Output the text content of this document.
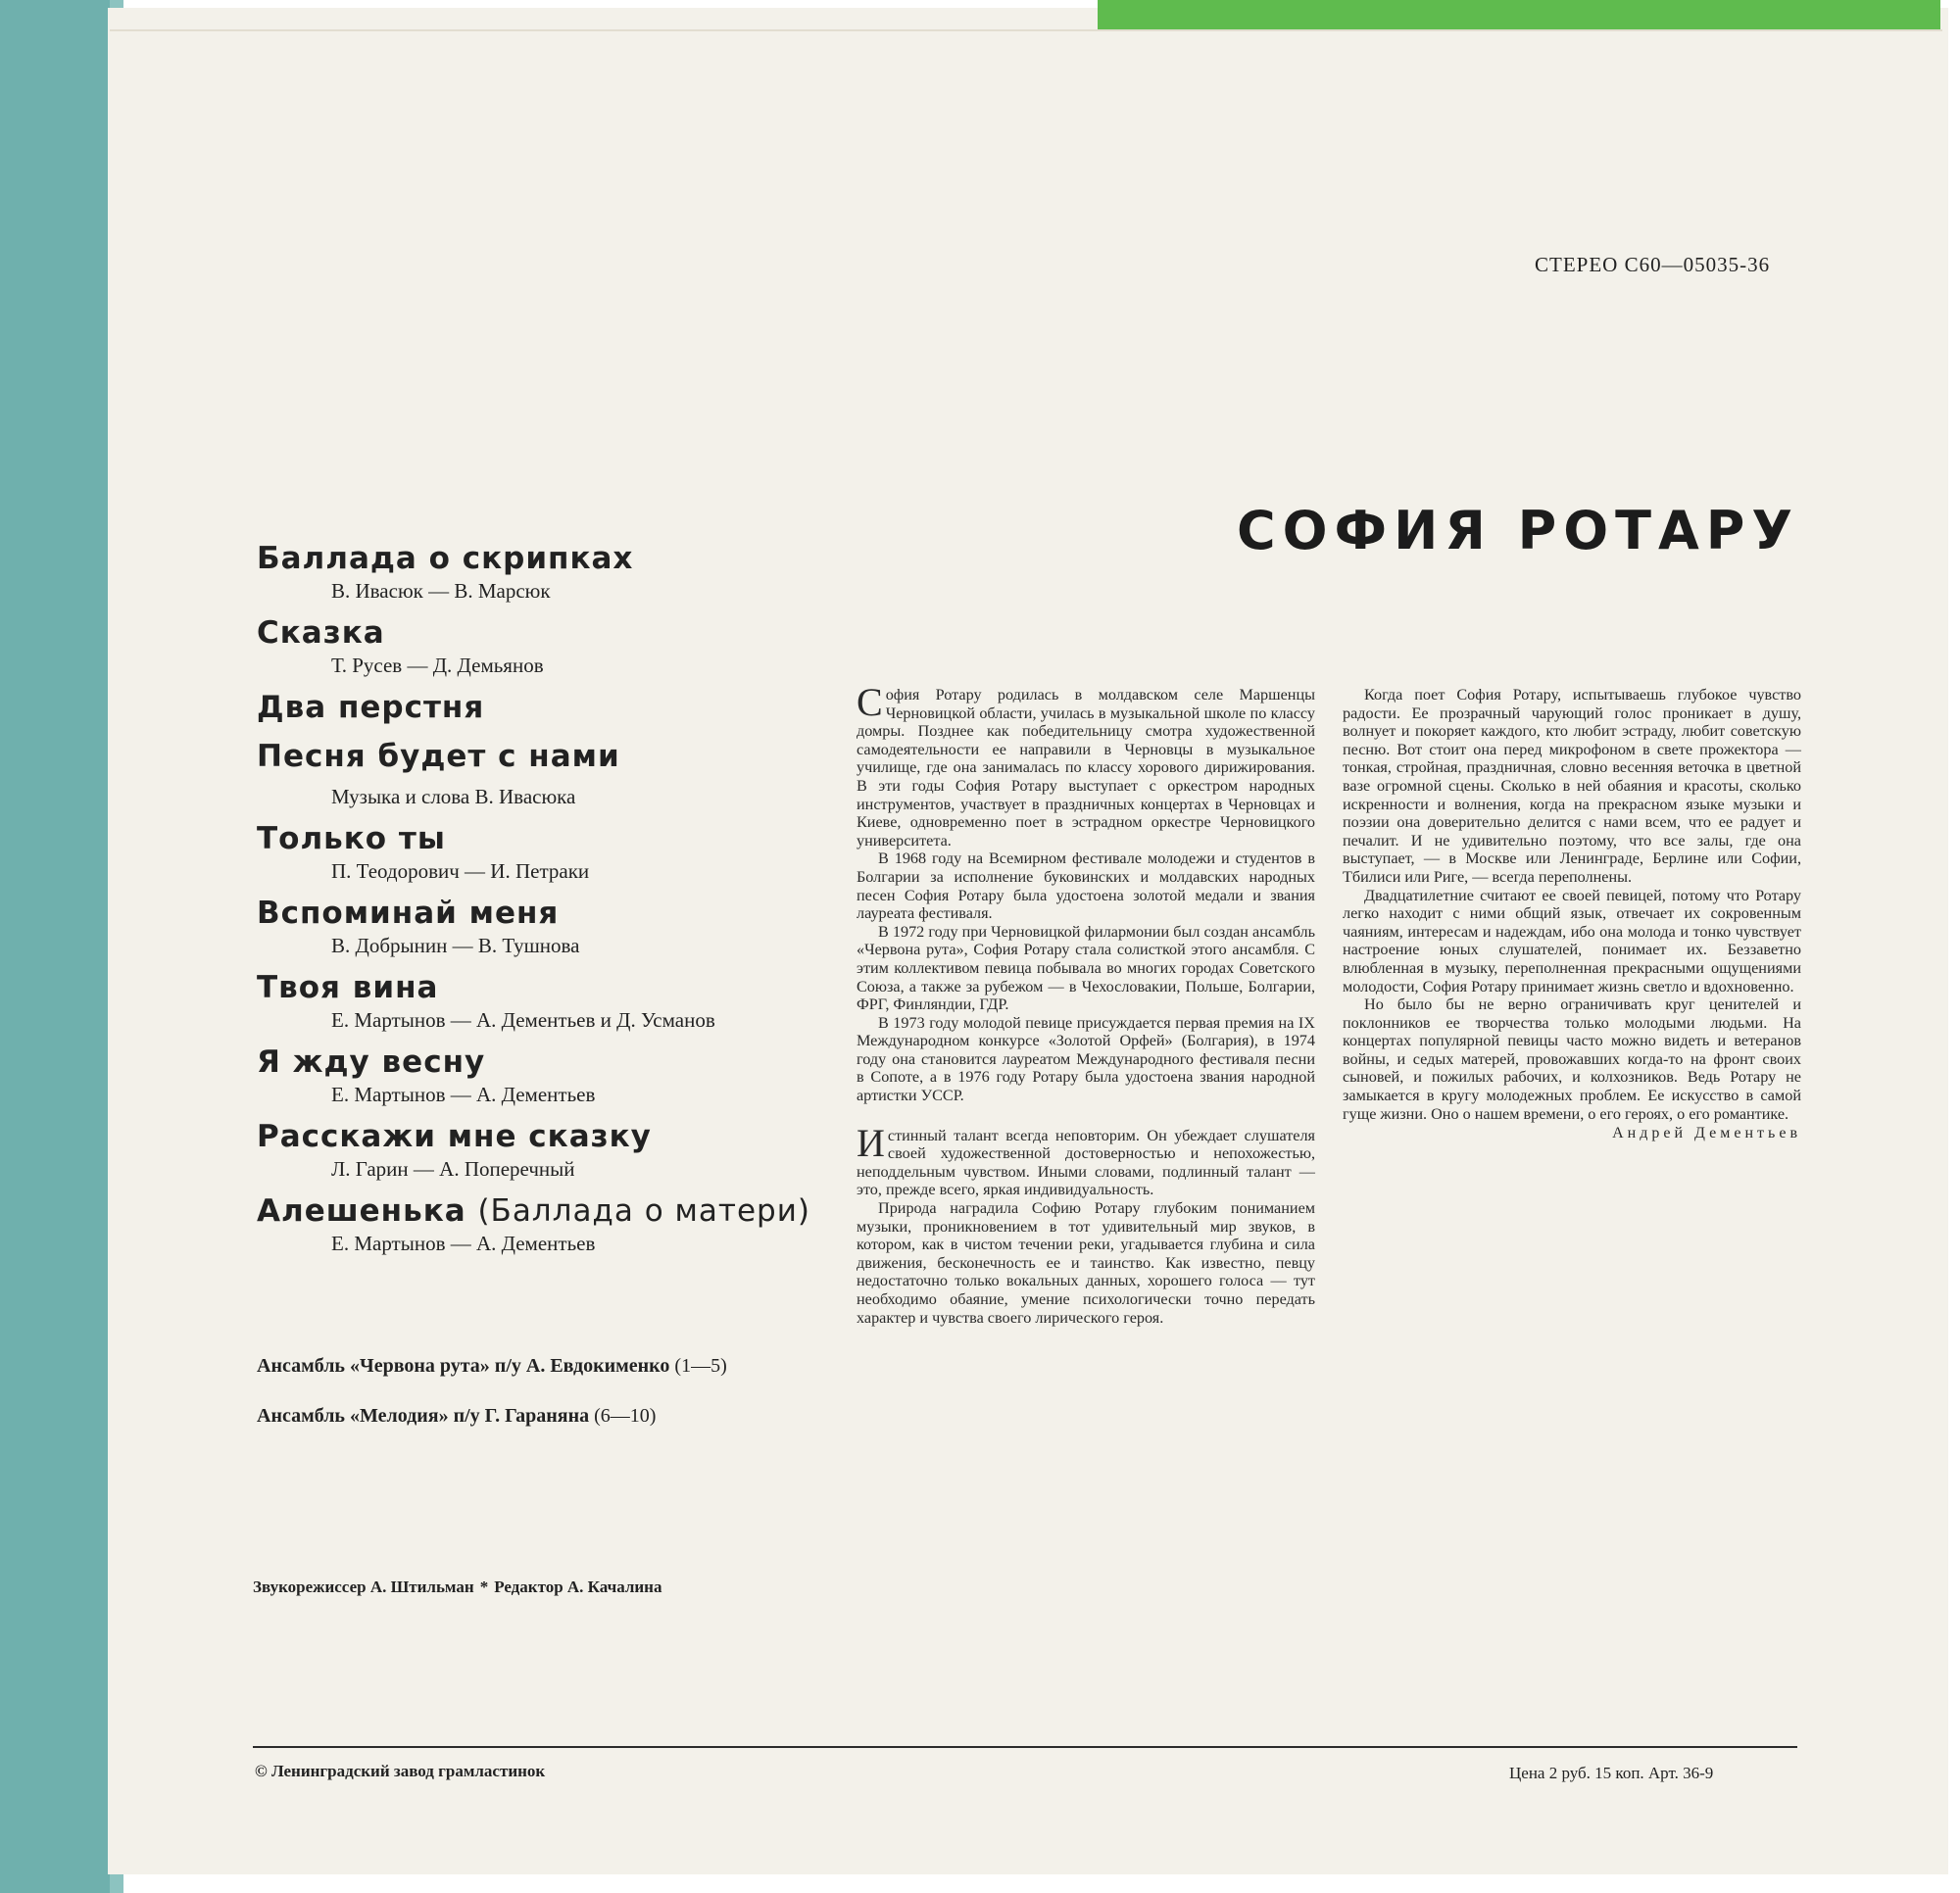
СТЕРЕО С60—05035-36
СОФИЯ РОТАРУ
Баллада о скрипках
В. Ивасюк — В. Марсюк
Сказка
Т. Русев — Д. Демьянов
Два перстня
Песня будет с нами
Музыка и слова В. Ивасюка
Только ты
П. Теодорович — И. Петраки
Вспоминай меня
В. Добрынин — В. Тушнова
Твоя вина
Е. Мартынов — А. Дементьев и Д. Усманов
Я жду весну
Е. Мартынов — А. Дементьев
Расскажи мне сказку
Л. Гарин — А. Поперечный
Алешенька (Баллада о матери)
Е. Мартынов — А. Дементьев
Ансамбль «Червона рута» п/у А. Евдокименко (1—5)
Ансамбль «Мелодия» п/у Г. Гараняна (6—10)
Звукорежиссер А. Штильман * Редактор А. Качалина

София Ротару родилась в молдавском селе Маршенцы Черновицкой области, училась в музыкальной школе по классу домры. Позднее как победительницу смотра художественной самодеятельности ее направили в Черновцы в музыкальное училище, где она занималась по классу хорового дирижирования. В эти годы София Ротару выступает с оркестром народных инструментов, участвует в праздничных концертах в Черновцах и Киеве, одновременно поет в эстрадном оркестре Черновицкого университета.

В 1968 году на Всемирном фестивале молодежи и студентов в Болгарии за исполнение буковинских и молдавских народных песен София Ротару была удостоена золотой медали и звания лауреата фестиваля.

В 1972 году при Черновицкой филармонии был создан ансамбль «Червона рута», София Ротару стала солисткой этого ансамбля. С этим коллективом певица побывала во многих городах Советского Союза, а также за рубежом — в Чехословакии, Польше, Болгарии, ФРГ, Финляндии, ГДР.

В 1973 году молодой певице присуждается первая премия на IX Международном конкурсе «Золотой Орфей» (Болгария), в 1974 году она становится лауреатом Международного фестиваля песни в Сопоте, а в 1976 году Ротару была удостоена звания народной артистки УССР.

Истинный талант всегда неповторим. Он убеждает слушателя своей художественной достоверностью и непохожестью, неподдельным чувством. Иными словами, подлинный талант — это, прежде всего, яркая индивидуальность.

Природа наградила Софию Ротару глубоким пониманием музыки, проникновением в тот удивительный мир звуков, в котором, как в чистом течении реки, угадывается глубина и сила движения, бесконечность ее и таинство. Как известно, певцу недостаточно только вокальных данных, хорошего голоса — тут необходимо обаяние, умение психологически точно передать характер и чувства своего лирического героя.

Когда поет София Ротару, испытываешь глубокое чувство радости. Ее прозрачный чарующий голос проникает в душу, волнует и покоряет каждого, кто любит эстраду, любит советскую песню. Вот стоит она перед микрофоном в свете прожектора — тонкая, стройная, праздничная, словно весенняя веточка в цветной вазе огромной сцены. Сколько в ней обаяния и красоты, сколько искренности и волнения, когда на прекрасном языке музыки и поэзии она доверительно делится с нами всем, что ее радует и печалит. И не удивительно поэтому, что все залы, где она выступает, — в Москве или Ленинграде, Берлине или Софии, Тбилиси или Риге, — всегда переполнены.

Двадцатилетние считают ее своей певицей, потому что Ротару легко находит с ними общий язык, отвечает их сокровенным чаяниям, интересам и надеждам, ибо она молода и тонко чувствует настроение юных слушателей, понимает их. Беззаветно влюбленная в музыку, переполненная прекрасными ощущениями молодости, София Ротару принимает жизнь светло и вдохновенно.

Но было бы не верно ограничивать круг ценителей и поклонников ее творчества только молодыми людьми. На концертах популярной певицы часто можно видеть и ветеранов войны, и седых матерей, провожавших когда-то на фронт своих сыновей, и пожилых рабочих, и колхозников. Ведь Ротару не замыкается в кругу молодежных проблем. Ее искусство в самой гуще жизни. Оно о нашем времени, о его героях, о его романтике.

Андрей Дементьев
© Ленинградский завод грамластинок	Цена 2 руб. 15 коп. Арт. 36-9
